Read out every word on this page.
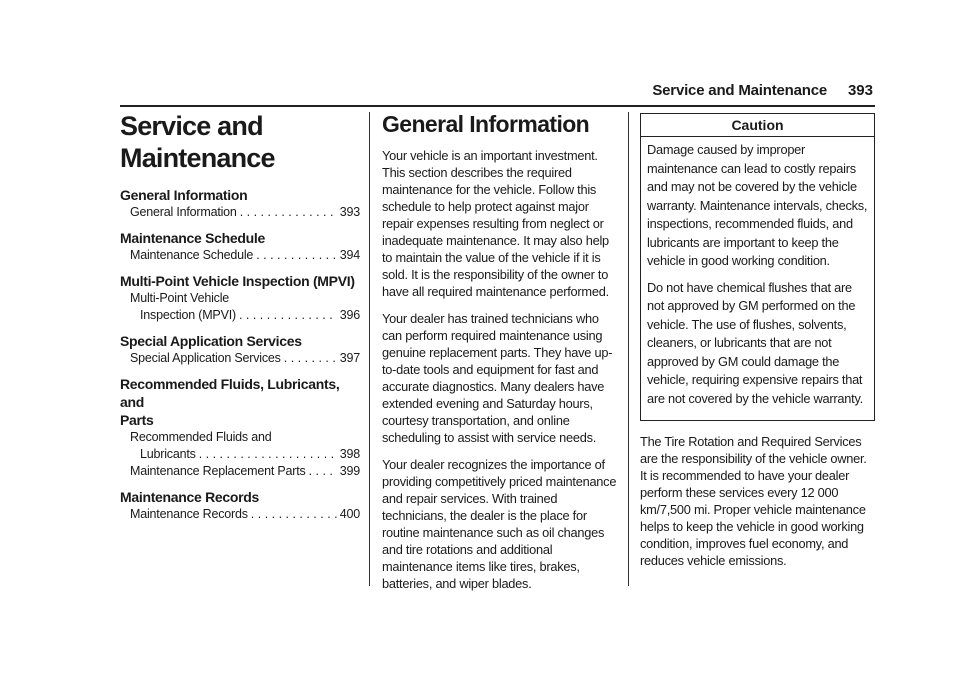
Service and Maintenance 393
Service and Maintenance
General Information
General Information . . .	393
Maintenance Schedule
Maintenance Schedule . . .	394
Multi-Point Vehicle Inspection (MPVI)
Multi-Point Vehicle
Inspection (MPVI) . . .	396
Special Application Services
Special Application Services . . .	397
Recommended Fluids, Lubricants, and
Parts
Recommended Fluids and
Lubricants . . .	398
Maintenance Replacement Parts . . .	399
Maintenance Records
Maintenance Records . . .	400
General Information

Your vehicle is an important investment. This section describes the required maintenance for the vehicle. Follow this schedule to help protect against major repair expenses resulting from neglect or inadequate maintenance. It may also help to maintain the value of the vehicle if it is sold. It is the responsibility of the owner to have all required maintenance performed.

Your dealer has trained technicians who can perform required maintenance using genuine replacement parts. They have up-to-date tools and equipment for fast and accurate diagnostics. Many dealers have extended evening and Saturday hours, courtesy transportation, and online scheduling to assist with service needs.

Your dealer recognizes the importance of providing competitively priced maintenance and repair services. With trained technicians, the dealer is the place for routine maintenance such as oil changes and tire rotations and additional maintenance items like tires, brakes, batteries, and wiper blades.

Caution

Damage caused by improper maintenance can lead to costly repairs and may not be covered by the vehicle warranty. Maintenance intervals, checks, inspections, recommended fluids, and lubricants are important to keep the vehicle in good working condition.

Do not have chemical flushes that are not approved by GM performed on the vehicle. The use of flushes, solvents, cleaners, or lubricants that are not approved by GM could damage the vehicle, requiring expensive repairs that are not covered by the vehicle warranty.

The Tire Rotation and Required Services are the responsibility of the vehicle owner. It is recommended to have your dealer perform these services every 12 000 km/7,500 mi. Proper vehicle maintenance helps to keep the vehicle in good working condition, improves fuel economy, and reduces vehicle emissions.
